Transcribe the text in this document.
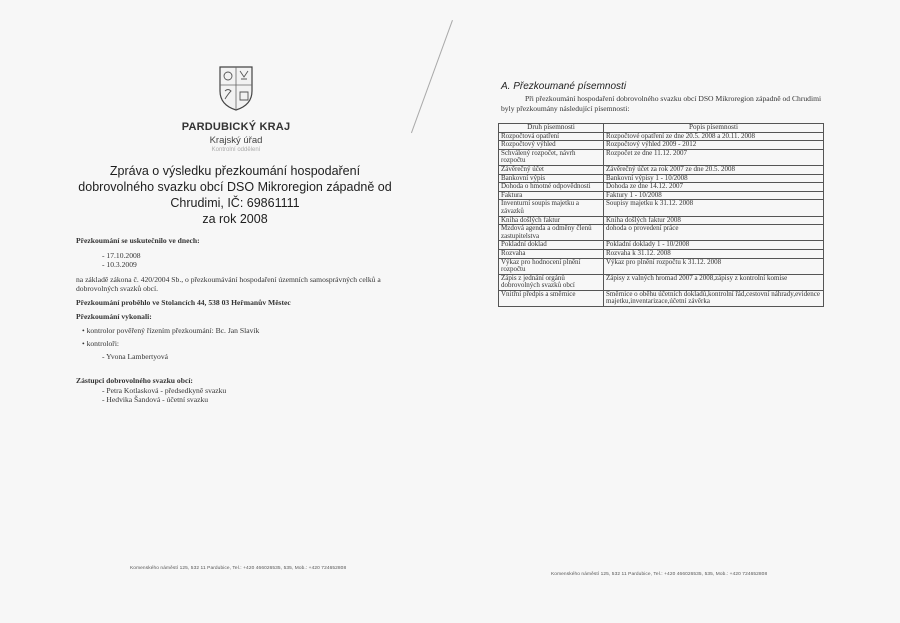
PARDUBICKÝ KRAJ
Krajský úřad
Kontrolní oddělení
Zpráva o výsledku přezkoumání hospodaření
dobrovolného svazku obcí DSO Mikroregion západně od
Chrudimi, IČ: 69861111
za rok 2008
Přezkoumání se uskutečnilo ve dnech:
- 17.10.2008
- 10.3.2009
na základě zákona č. 420/2004 Sb., o přezkoumávání hospodaření územních samosprávných celků a dobrovolných svazků obcí.
Přezkoumání proběhlo ve Stolancích 44, 538 03 Heřmanův Městec
Přezkoumání vykonali:
• kontrolor pověřený řízením přezkoumání: Bc. Jan Slavík
• kontroloři:
- Yvona Lambertyová
Zástupci dobrovolného svazku obcí:
- Petra Kotlasková - předsedkyně svazku
- Hedvika Šandová - účetní svazku
Komenského náměstí 125, 532 11 Pardubice, Tel.: +420 466026535, 535, Mob.: +420 724652808
A. Přezkoumané písemnosti
Při přezkoumání hospodaření dobrovolného svazku obcí DSO Mikroregion západně od Chrudimi byly přezkoumány následující písemnosti:
Druh písemnosti	Popis písemnosti
Rozpočtová opatření	Rozpočtové opatření ze dne 20.5. 2008 a 20.11. 2008
Rozpočtový výhled	Rozpočtový výhled 2009 - 2012
Schválený rozpočet, návrh rozpočtu	Rozpočet ze dne 11.12. 2007
Závěrečný účet	Závěrečný účet za rok 2007 ze dne 20.5. 2008
Bankovní výpis	Bankovní výpisy 1 - 10/2008
Dohoda o hmotné odpovědnosti	Dohoda ze dne 14.12. 2007
Faktura	Faktury 1 - 10/2008
Inventurní soupis majetku a závazků	Soupisy majetku k 31.12. 2008
Kniha došlých faktur	Kniha došlých faktur 2008
Mzdová agenda a odměny členů zastupitelstva	dohoda o provedení práce
Pokladní doklad	Pokladní doklady 1 - 10/2008
Rozvaha	Rozvaha k 31.12. 2008
Výkaz pro hodnocení plnění rozpočtu	Výkaz pro plnění rozpočtu k 31.12. 2008
Zápis z jednání orgánů dobrovolných svazků obcí	Zápisy z valných hromad 2007 a 2008,zápisy z kontrolní komise
Vnitřní předpis a směrnice	Směrnice o oběhu účetních dokladů,kontrolní řád,cestovní náhrady,evidence majetku,inventarizace,účetní závěrka
Komenského náměstí 125, 532 11 Pardubice, Tel.: +420 466026535, 535, Mob.: +420 724652808
